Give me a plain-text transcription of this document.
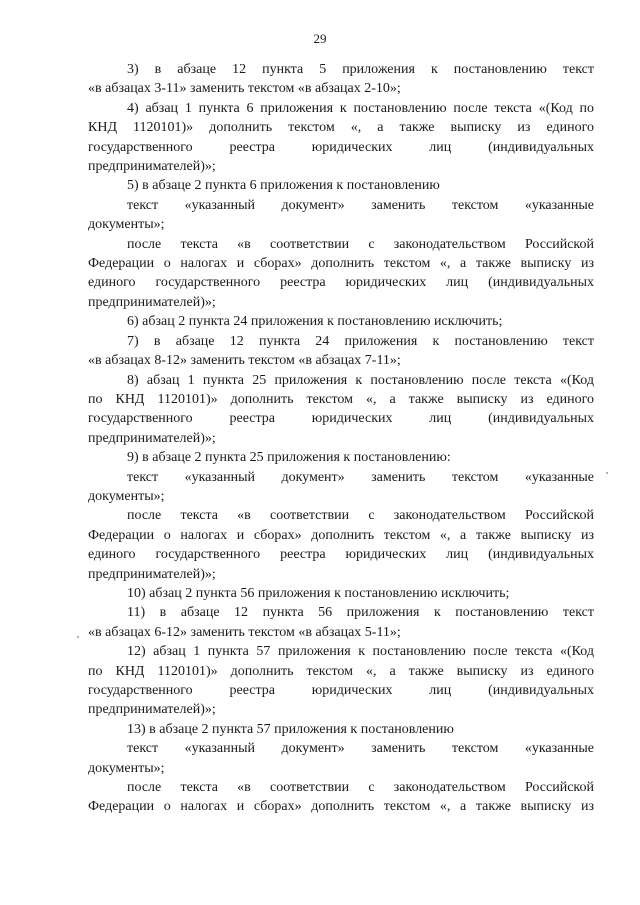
29
3) в абзаце 12 пункта 5 приложения к постановлению текст
«в абзацах 3-11» заменить текстом «в абзацах 2-10»;
4) абзац 1 пункта 6 приложения к постановлению после текста «(Код по
КНД 1120101)» дополнить текстом «, а также выписку из единого
государственного реестра юридических лиц (индивидуальных
предпринимателей)»;
5) в абзаце 2 пункта 6 приложения к постановлению
текст «указанный документ» заменить текстом «указанные
документы»;
после текста «в соответствии с законодательством Российской
Федерации о налогах и сборах» дополнить текстом «, а также выписку из
единого государственного реестра юридических лиц (индивидуальных
предпринимателей)»;
6) абзац 2 пункта 24 приложения к постановлению исключить;
7) в абзаце 12 пункта 24 приложения к постановлению текст
«в абзацах 8-12» заменить текстом «в абзацах 7-11»;
8) абзац 1 пункта 25 приложения к постановлению после текста «(Код
по КНД 1120101)» дополнить текстом «, а также выписку из единого
государственного реестра юридических лиц (индивидуальных
предпринимателей)»;
9) в абзаце 2 пункта 25 приложения к постановлению:
текст «указанный документ» заменить текстом «указанные
документы»;
после текста «в соответствии с законодательством Российской
Федерации о налогах и сборах» дополнить текстом «, а также выписку из
единого государственного реестра юридических лиц (индивидуальных
предпринимателей)»;
10) абзац 2 пункта 56 приложения к постановлению исключить;
11) в абзаце 12 пункта 56 приложения к постановлению текст
«в абзацах 6-12» заменить текстом «в абзацах 5-11»;
12) абзац 1 пункта 57 приложения к постановлению после текста «(Код
по КНД 1120101)» дополнить текстом «, а также выписку из единого
государственного реестра юридических лиц (индивидуальных
предпринимателей)»;
13) в абзаце 2 пункта 57 приложения к постановлению
текст «указанный документ» заменить текстом «указанные
документы»;
после текста «в соответствии с законодательством Российской
Федерации о налогах и сборах» дополнить текстом «, а также выписку из
